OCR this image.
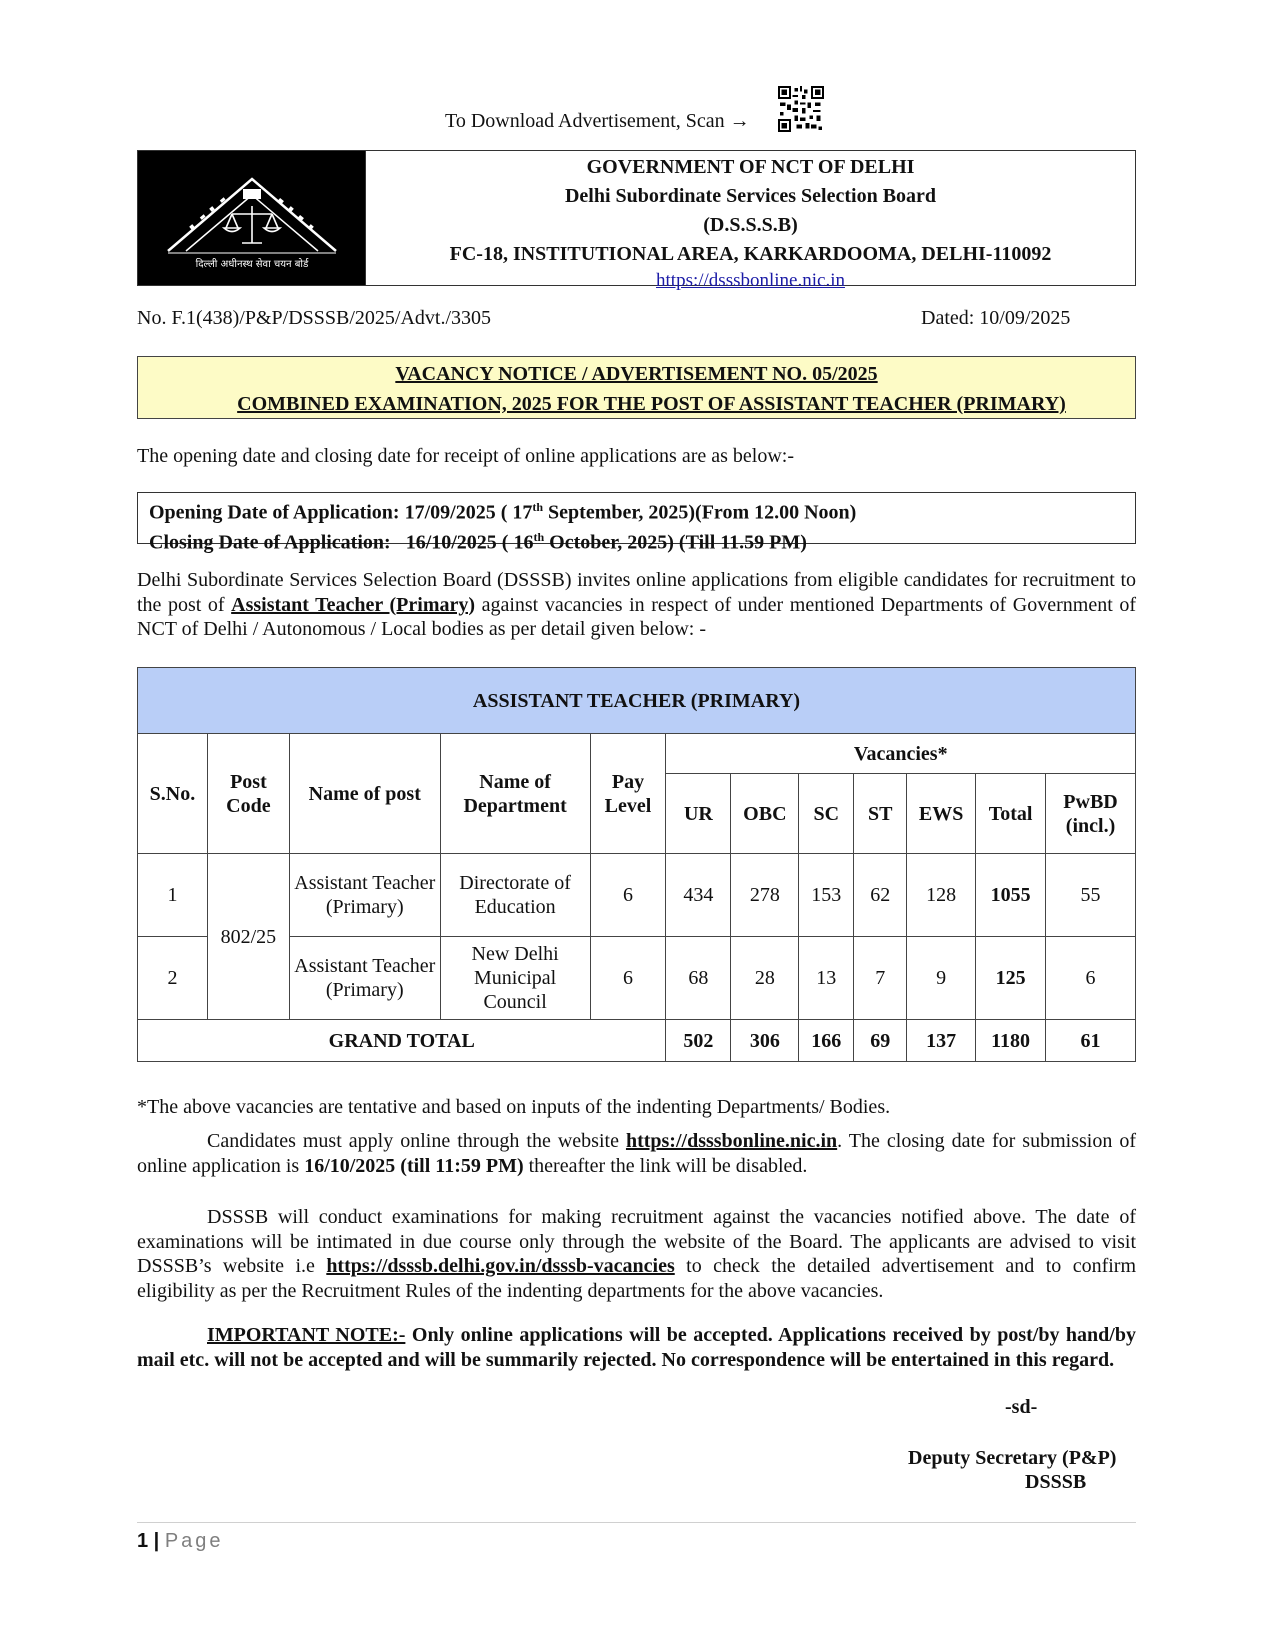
To Download Advertisement, Scan →
दिल्ली अधीनस्थ सेवा चयन बोर्ड
GOVERNMENT OF NCT OF DELHI
Delhi Subordinate Services Selection Board
(D.S.S.S.B)
FC-18, INSTITUTIONAL AREA, KARKARDOOMA, DELHI-110092
https://dsssbonline.nic.in
No. F.1(438)/P&P/DSSSB/2025/Advt./3305	Dated: 10/09/2025
VACANCY NOTICE / ADVERTISEMENT NO. 05/2025
COMBINED EXAMINATION, 2025 FOR THE POST OF ASSISTANT TEACHER (PRIMARY)
The opening date and closing date for receipt of online applications are as below:-
Opening Date of Application: 17/09/2025 ( 17th September, 2025)(From 12.00 Noon)
Closing Date of Application:   16/10/2025 ( 16th October, 2025) (Till 11.59 PM)
Delhi Subordinate Services Selection Board (DSSSB) invites online applications from eligible candidates for recruitment to the post of Assistant Teacher (Primary) against vacancies in respect of under mentioned Departments of Government of NCT of Delhi / Autonomous / Local bodies as per detail given below: -
ASSISTANT TEACHER (PRIMARY)											
S.No.	Post Code	Name of post	Name of Department	Pay Level	Vacancies*						
					UR	OBC	SC	ST	EWS	Total	PwBD (incl.)
1	802/25	Assistant Teacher (Primary)	Directorate of Education	6	434	278	153	62	128	1055	55
2		Assistant Teacher (Primary)	New Delhi Municipal Council	6	68	28	13	7	9	125	6
GRAND TOTAL					502	306	166	69	137	1180	61
*The above vacancies are tentative and based on inputs of the indenting Departments/ Bodies.
Candidates must apply online through the website https://dsssbonline.nic.in. The closing date for submission of online application is 16/10/2025 (till 11:59 PM) thereafter the link will be disabled.
DSSSB will conduct examinations for making recruitment against the vacancies notified above. The date of examinations will be intimated in due course only through the website of the Board. The applicants are advised to visit DSSSB’s website i.e https://dsssb.delhi.gov.in/dsssb-vacancies to check the detailed advertisement and to confirm eligibility as per the Recruitment Rules of the indenting departments for the above vacancies.
IMPORTANT NOTE:- Only online applications will be accepted. Applications received by post/by hand/by mail etc. will not be accepted and will be summarily rejected. No correspondence will be entertained in this regard.
-sd-
Deputy Secretary (P&P)
DSSSB
1 | Page
